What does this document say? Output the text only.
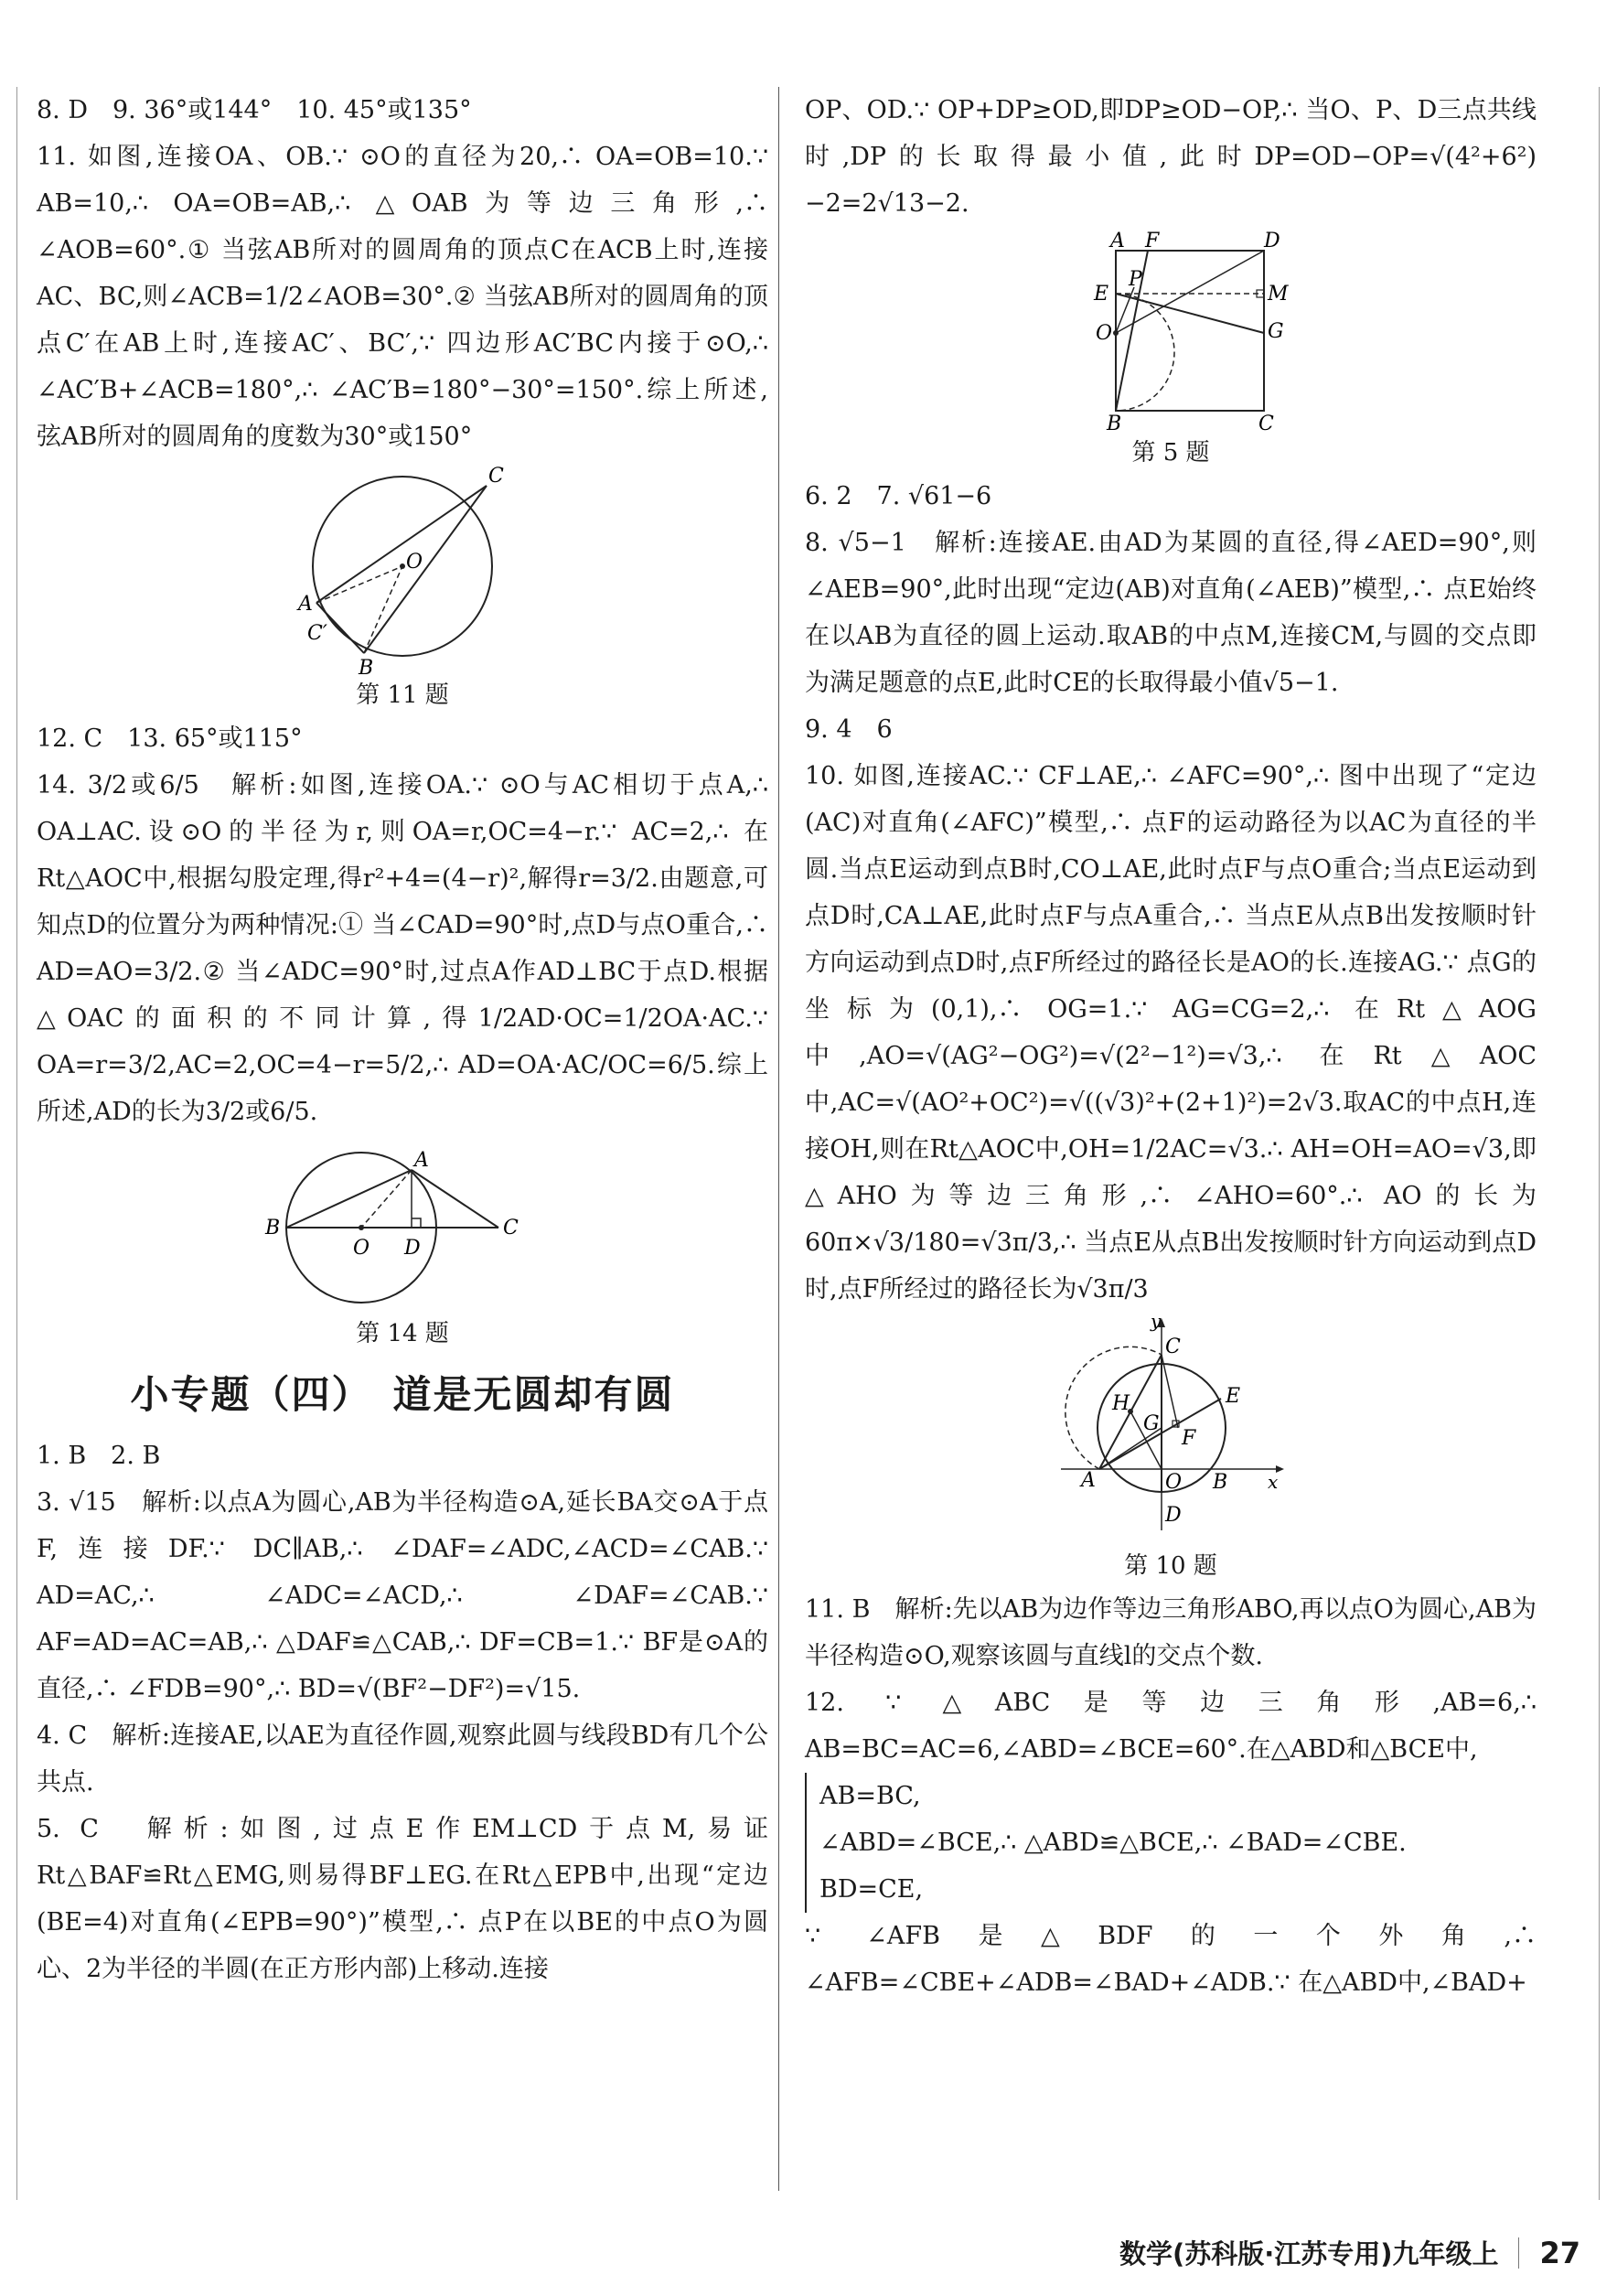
8. D　9. 36°或144°　10. 45°或135°

11. 如图,连接OA、OB.∵ ⊙O的直径为20,∴ OA=OB=10.∵ AB=10,∴ OA=OB=AB,∴ △OAB为等边三角形,∴ ∠AOB=60°.① 当弦AB所对的圆周角的顶点C在ACB上时,连接AC、BC,则∠ACB=1/2∠AOB=30°.② 当弦AB所对的圆周角的顶点C′在AB上时,连接AC′、BC′,∵ 四边形AC′BC内接于⊙O,∴ ∠AC′B+∠ACB=180°,∴ ∠AC′B=180°−30°=150°.综上所述,弦AB所对的圆周角的度数为30°或150°

C
O
A
C′
B
第 11 题

12. C　13. 65°或115°

14. 3/2或6/5　解析:如图,连接OA.∵ ⊙O与AC相切于点A,∴ OA⊥AC.设⊙O的半径为r,则OA=r,OC=4−r.∵ AC=2,∴ 在Rt△AOC中,根据勾股定理,得r²+4=(4−r)²,解得r=3/2.由题意,可知点D的位置分为两种情况:① 当∠CAD=90°时,点D与点O重合,∴ AD=AO=3/2.② 当∠ADC=90°时,过点A作AD⊥BC于点D.根据△OAC的面积的不同计算,得1/2AD·OC=1/2OA·AC.∵ OA=r=3/2,AC=2,OC=4−r=5/2,∴ AD=OA·AC/OC=6/5.综上所述,AD的长为3/2或6/5.

A
B
O D
C
第 14 题
小专题（四）　道是无圆却有圆

1. B　2. B

3. √15　解析:以点A为圆心,AB为半径构造⊙A,延长BA交⊙A于点F,连接DF.∵ DC∥AB,∴ ∠DAF=∠ADC,∠ACD=∠CAB.∵ AD=AC,∴ ∠ADC=∠ACD,∴ ∠DAF=∠CAB.∵ AF=AD=AC=AB,∴ △DAF≌△CAB,∴ DF=CB=1.∵ BF是⊙A的直径,∴ ∠FDB=90°,∴ BD=√(BF²−DF²)=√15.

4. C　解析:连接AE,以AE为直径作圆,观察此圆与线段BD有几个公共点.

5. C　解析:如图,过点E作EM⊥CD于点M,易证Rt△BAF≌Rt△EMG,则易得BF⊥EG.在Rt△EPB中,出现“定边(BE=4)对直角(∠EPB=90°)”模型,∴ 点P在以BE的中点O为圆心、2为半径的半圆(在正方形内部)上移动.连接

OP、OD.∵ OP+DP≥OD,即DP≥OD−OP,∴ 当O、P、D三点共线时,DP的长取得最小值,此时DP=OD−OP=√(4²+6²)−2=2√13−2.

A F	D
E
P
M
O	G
B	C
第 5 题

6. 2　7. √61−6

8. √5−1　解析:连接AE.由AD为某圆的直径,得∠AED=90°,则∠AEB=90°,此时出现“定边(AB)对直角(∠AEB)”模型,∴ 点E始终在以AB为直径的圆上运动.取AB的中点M,连接CM,与圆的交点即为满足题意的点E,此时CE的长取得最小值√5−1.

9. 4　6

10. 如图,连接AC.∵ CF⊥AE,∴ ∠AFC=90°,∴ 图中出现了“定边(AC)对直角(∠AFC)”模型,∴ 点F的运动路径为以AC为直径的半圆.当点E运动到点B时,CO⊥AE,此时点F与点O重合;当点E运动到点D时,CA⊥AE,此时点F与点A重合,∴ 当点E从点B出发按顺时针方向运动到点D时,点F所经过的路径长是AO的长.连接AG.∵ 点G的坐标为(0,1),∴ OG=1.∵ AG=CG=2,∴ 在Rt△AOG中,AO=√(AG²−OG²)=√(2²−1²)=√3,∴ 在Rt△AOC中,AC=√(AO²+OC²)=√((√3)²+(2+1)²)=2√3.取AC的中点H,连接OH,则在Rt△AOC中,OH=1/2AC=√3.∴ AH=OH=AO=√3,即△AHO为等边三角形,∴ ∠AHO=60°.∴ AO的长为60π×√3/180=√3π/3,∴ 当点E从点B出发按顺时针方向运动到点D时,点F所经过的路径长为√3π/3

y
C
H
G
E
F
A	O B x
D
第 10 题

11. B　解析:先以AB为边作等边三角形ABO,再以点O为圆心,AB为半径构造⊙O,观察该圆与直线l的交点个数.

12. ∵ △ABC是等边三角形,AB=6,∴ AB=BC=AC=6,∠ABD=∠BCE=60°.在△ABD和△BCE中,

AB=BC,

∠ABD=∠BCE,∴ △ABD≌△BCE,∴ ∠BAD=∠CBE.

BD=CE,

∵ ∠AFB是△BDF的一个外角,∴ ∠AFB=∠CBE+∠ADB=∠BAD+∠ADB.∵ 在△ABD中,∠BAD+

数学(苏科版·江苏专用)九年级上 27
